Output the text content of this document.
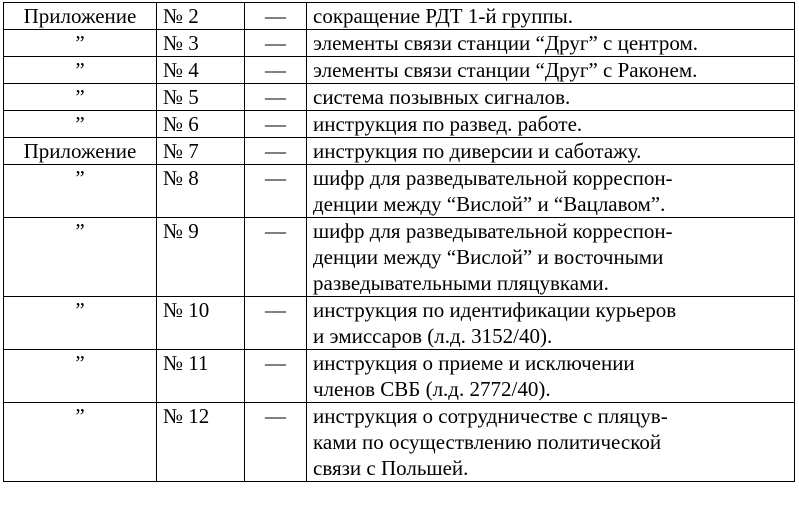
Приложение	№ 2	—	сокращение РДТ 1-й группы.

”	№ 3	—	элементы связи станции “Друг” с центром.

”	№ 4	—	элементы связи станции “Друг” с Раконем.

”	№ 5	—	система позывных сигналов.

”	№ 6	—	инструкция по развед. работе.

Приложение	№ 7	—	инструкция по диверсии и саботажу.

”	№ 8	—	шифр для разведывательной корреспон-
денции между “Вислой” и “Вацлавом”.

”	№ 9	—	шифр для разведывательной корреспон-
денции между “Вислой” и восточными
разведывательными пляцувками.

”	№ 10	—	инструкция по идентификации курьеров
и эмиссаров (л.д. 3152/40).

”	№ 11	—	инструкция о приеме и исключении
членов СВБ (л.д. 2772/40).

”	№ 12	—	инструкция о сотрудничестве с пляцув-
ками по осуществлению политической
связи с Польшей.
